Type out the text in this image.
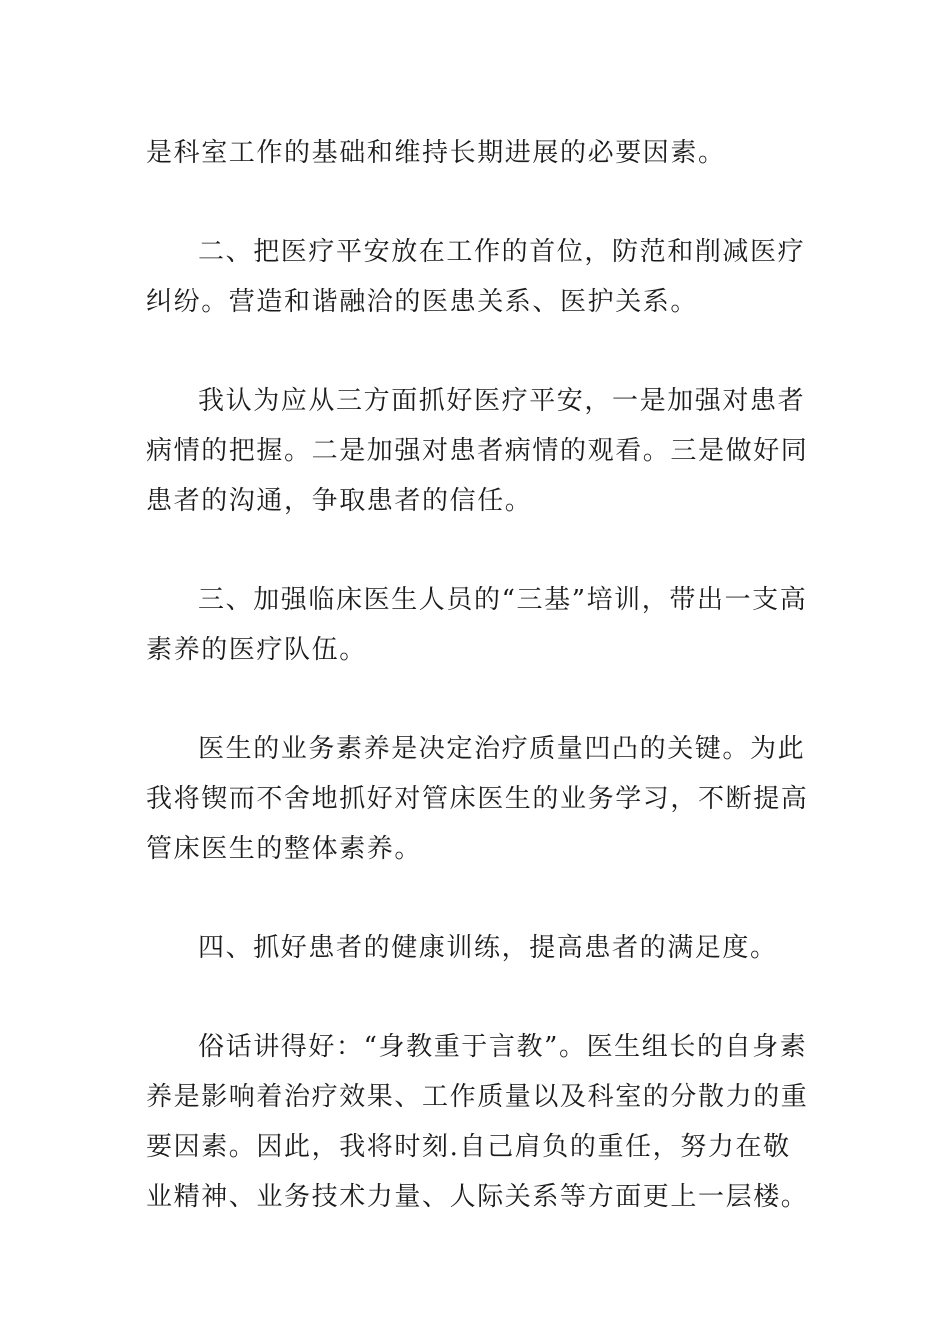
是科室工作的基础和维持长期进展的必要因素。

二、把医疗平安放在工作的首位，防范和削减医疗纠纷。营造和谐融洽的医患关系、医护关系。

我认为应从三方面抓好医疗平安，一是加强对患者病情的把握。二是加强对患者病情的观看。三是做好同患者的沟通，争取患者的信任。

三、加强临床医生人员的“三基”培训，带出一支高素养的医疗队伍。

医生的业务素养是决定治疗质量凹凸的关键。为此我将锲而不舍地抓好对管床医生的业务学习，不断提高管床医生的整体素养。

四、抓好患者的健康训练，提高患者的满足度。

俗话讲得好：“身教重于言教”。医生组长的自身素养是影响着治疗效果、工作质量以及科室的分散力的重要因素。因此，我将时刻.自己肩负的重任，努力在敬业精神、业务技术力量、人际关系等方面更上一层楼。
